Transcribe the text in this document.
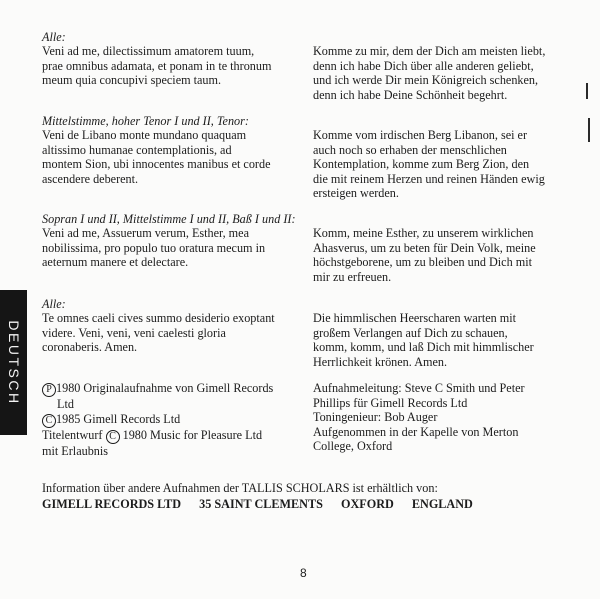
Alle:
Veni ad me, dilectissimum amatorem tuum,
prae omnibus adamata, et ponam in te thronum
meum quia concupivi speciem taum.
Komme zu mir, dem der Dich am meisten liebt,
denn ich habe Dich über alle anderen geliebt,
und ich werde Dir mein Königreich schenken,
denn ich habe Deine Schönheit begehrt.
Mittelstimme, hoher Tenor I und II, Tenor:
Veni de Libano monte mundano quaquam
altissimo humanae contemplationis, ad
montem Sion, ubi innocentes manibus et corde
ascendere deberent.
Komme vom irdischen Berg Libanon, sei er
auch noch so erhaben der menschlichen
Kontemplation, komme zum Berg Zion, den
die mit reinem Herzen und reinen Händen ewig
ersteigen werden.
Sopran I und II, Mittelstimme I und II, Baß I und II:
Veni ad me, Assuerum verum, Esther, mea
nobilissima, pro populo tuo oratura mecum in
aeternum manere et delectare.
Komm, meine Esther, zu unserem wirklichen
Ahasverus, um zu beten für Dein Volk, meine
höchstgeborene, um zu bleiben und Dich mit
mir zu erfreuen.
DEUTSCH
Alle:
Te omnes caeli cives summo desiderio exoptant
videre. Veni, veni, veni caelesti gloria
coronaberis. Amen.
Die himmlischen Heerscharen warten mit
großem Verlangen auf Dich zu schauen,
komm, komm, und laß Dich mit himmlischer
Herrlichkeit krönen. Amen.
P 1980 Originalaufnahme von Gimell Records
Ltd
C 1985 Gimell Records Ltd
Titelentwurf C 1980 Music for Pleasure Ltd
mit Erlaubnis
Aufnahmeleitung: Steve C Smith und Peter
Phillips für Gimell Records Ltd
Toningenieur: Bob Auger
Aufgenommen in der Kapelle von Merton
College, Oxford
Information über andere Aufnahmen der TALLIS SCHOLARS ist erhältlich von:
GIMELL RECORDS LTD 35 SAINT CLEMENTS OXFORD ENGLAND
8
